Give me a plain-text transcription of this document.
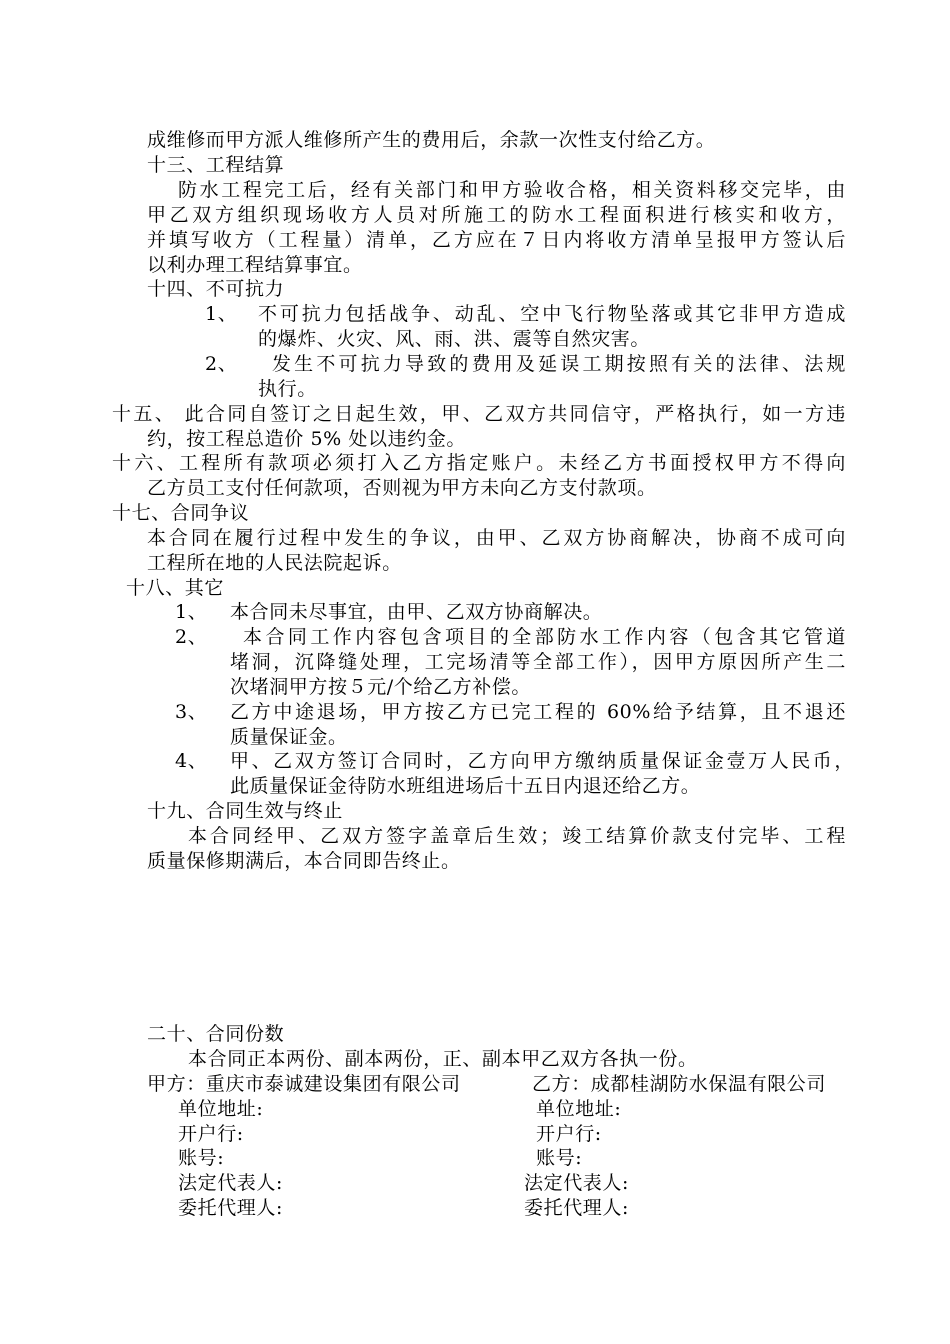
成维修而甲方派人维修所产生的费用后，余款一次性支付给乙方。
十三、工程结算
防水工程完工后，经有关部门和甲方验收合格，相关资料移交完毕，由
甲乙双方组织现场收方人员对所施工的防水工程面积进行核实和收方，
并填写收方（工程量）清单，乙方应在７日内将收方清单呈报甲方签认后
以利办理工程结算事宜。
十四、不可抗力
1、 不可抗力包括战争、动乱、空中飞行物坠落或其它非甲方造成
的爆炸、火灾、风、雨、洪、震等自然灾害。
2、 发生不可抗力导致的费用及延误工期按照有关的法律、法规
执行。
十五、 此合同自签订之日起生效，甲、乙双方共同信守，严格执行，如一方违
约，按工程总造价 5% 处以违约金。
十六、工程所有款项必须打入乙方指定账户。未经乙方书面授权甲方不得向
乙方员工支付任何款项，否则视为甲方未向乙方支付款项。
十七、合同争议
本合同在履行过程中发生的争议，由甲、乙双方协商解决，协商不成可向
工程所在地的人民法院起诉。
十八、其它
1、 本合同未尽事宜，由甲、乙双方协商解决。
2、 本合同工作内容包含项目的全部防水工作内容（包含其它管道
堵洞，沉降缝处理，工完场清等全部工作），因甲方原因所产生二
次堵洞甲方按５元/个给乙方补偿。
3、 乙方中途退场，甲方按乙方已完工程的 60%给予结算，且不退还
质量保证金。
4、 甲、乙双方签订合同时，乙方向甲方缴纳质量保证金壹万人民币，
此质量保证金待防水班组进场后十五日内退还给乙方。
十九、合同生效与终止
本合同经甲、乙双方签字盖章后生效；竣工结算价款支付完毕、工程
质量保修期满后，本合同即告终止。
二十、合同份数
本合同正本两份、副本两份，正、副本甲乙双方各执一份。
甲方：重庆市泰诚建设集团有限公司	乙方：成都桂湖防水保温有限公司
单位地址:	单位地址:
开户行:	开户行:
账号:	账号:
法定代表人:	法定代表人:
委托代理人:	委托代理人:
